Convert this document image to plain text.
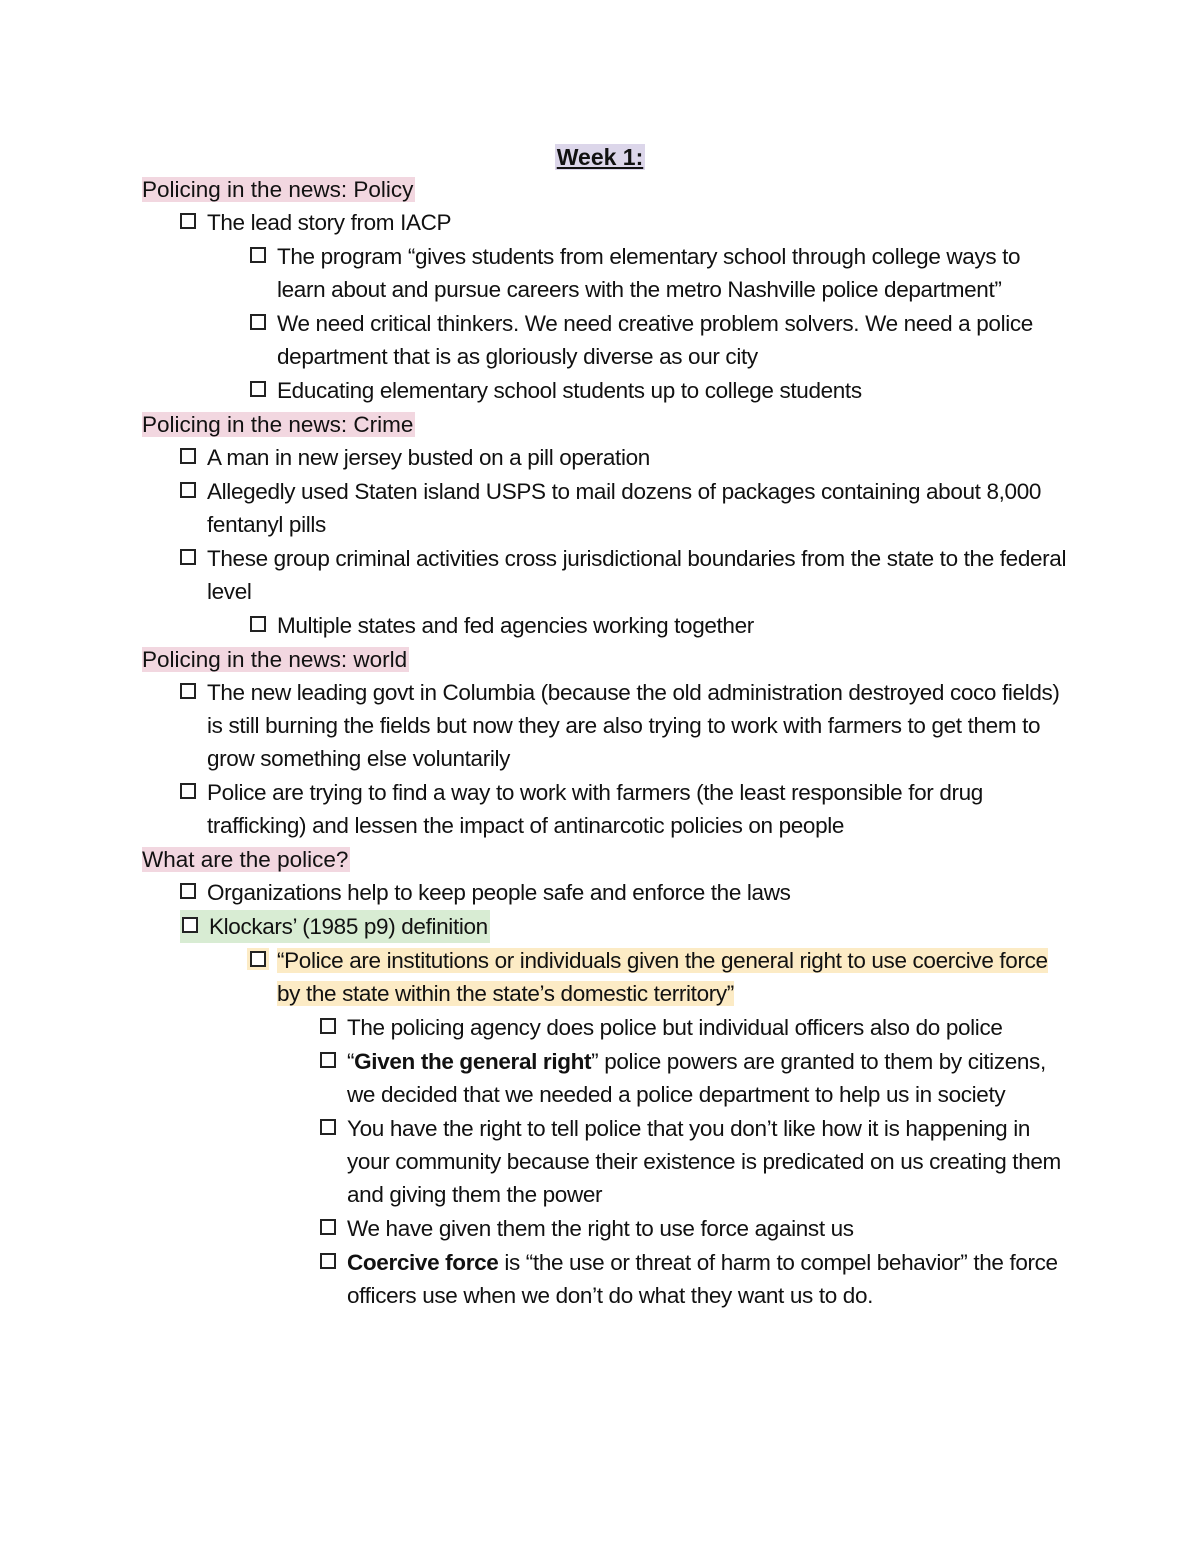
Week 1:
Policing in the news: Policy
The lead story from IACP
The program “gives students from elementary school through college ways to learn about and pursue careers with the metro Nashville police department”
We need critical thinkers. We need creative problem solvers. We need a police department that is as gloriously diverse as our city
Educating elementary school students up to college students
Policing in the news: Crime
A man in new jersey busted on a pill operation
Allegedly used Staten island USPS to mail dozens of packages containing about 8,000 fentanyl pills
These group criminal activities cross jurisdictional boundaries from the state to the federal level
Multiple states and fed agencies working together
Policing in the news: world
The new leading govt in Columbia (because the old administration destroyed coco fields) is still burning the fields but now they are also trying to work with farmers to get them to grow something else voluntarily
Police are trying to find a way to work with farmers (the least responsible for drug trafficking) and lessen the impact of antinarcotic policies on people
What are the police?
Organizations help to keep people safe and enforce the laws
Klockars’ (1985 p9) definition
“Police are institutions or individuals given the general right to use coercive force by the state within the state’s domestic territory”
The policing agency does police but individual officers also do police
“Given the general right” police powers are granted to them by citizens, we decided that we needed a police department to help us in society
You have the right to tell police that you don’t like how it is happening in your community because their existence is predicated on us creating them and giving them the power
We have given them the right to use force against us
Coercive force is “the use or threat of harm to compel behavior” the force officers use when we don’t do what they want us to do.
